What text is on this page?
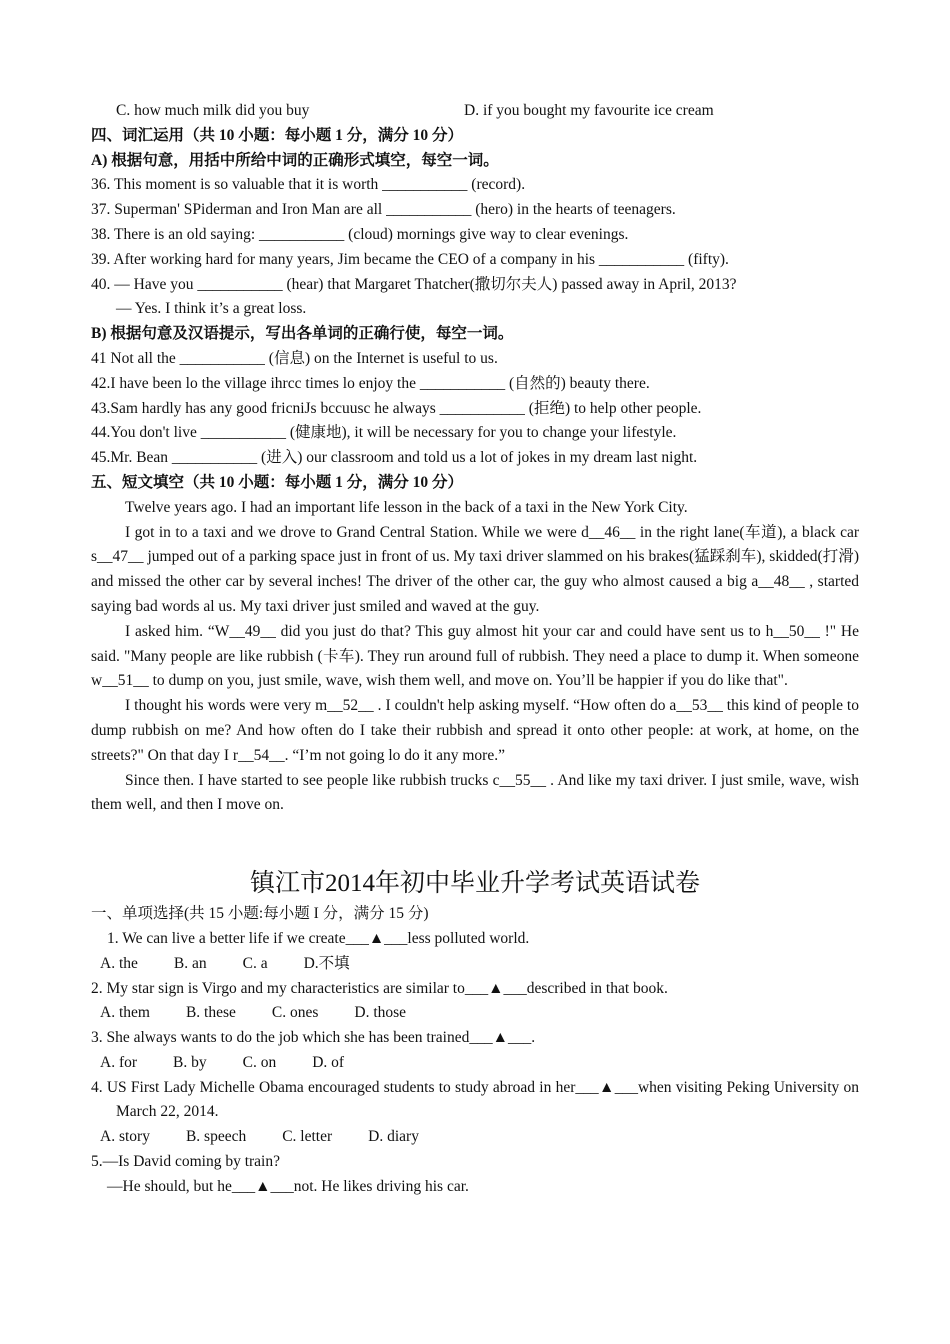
C. how much milk did you buy	D. if you bought my favourite ice cream
四、词汇运用（共 10 小题：每小题 1 分，满分 10 分）
A) 根据句意，用括中所给中词的正确形式填空，每空一词。
36. This moment is so valuable that it is worth ___________ (record).
37. Superman' SPiderman and Iron Man are all ___________ (hero) in the hearts of teenagers.
38. There is an old saying: ___________ (cloud) mornings give way to clear evenings.
39. After working hard for many years, Jim became the CEO of a company in his ___________ (fifty).
40. — Have you ___________ (hear) that Margaret Thatcher(撒切尔夫人) passed away in April, 2013?
— Yes. I think it’s a great loss.
B) 根据句意及汉语提示，写出各单词的正确行使，每空一词。
41 Not all the ___________ (信息) on the Internet is useful to us.
42.I have been lo the village ihrcc times lo enjoy the ___________ (自然的) beauty there.
43.Sam hardly has any good fricniJs bccuusc he always ___________ (拒绝) to help other people.
44.You don't live ___________ (健康地), it will be necessary for you to change your lifestyle.
45.Mr. Bean ___________ (进入) our classroom and told us a lot of jokes in my dream last night.
五、短文填空（共 10 小题：每小题 1 分，满分 10 分）
Twelve years ago. I had an important life lesson in the back of a taxi in the New York City.
I got in to a taxi and we drove to Grand Central Station. While we were d__46__ in the right lane(车道), a black car s__47__ jumped out of a parking space just in front of us. My taxi driver slammed on his brakes(猛踩刹车), skidded(打滑) and missed the other car by several inches! The driver of the other car, the guy who almost caused a big a__48__ , started saying bad words al us. My taxi driver just smiled and waved at the guy.
I asked him. “W__49__ did you just do that? This guy almost hit your car and could have sent us to h__50__ !" He said. "Many people are like rubbish (卡车). They run around full of rubbish. They need a place to dump it. When someone w__51__ to dump on you, just smile, wave, wish them well, and move on. You’ll be happier if you do like that".
I thought his words were very m__52__ . I couldn't help asking myself. “How often do a__53__ this kind of people to dump rubbish on me? And how often do I take their rubbish and spread it onto other people: at work, at home, on the streets?" On that day I r__54__. “I’m not going lo do it any more.”
Since then. I have started to see people like rubbish trucks c__55__ . And like my taxi driver. I just smile, wave, wish them well, and then I move on.
镇江市2014年初中毕业升学考试英语试卷
一、单项选择(共 15 小题:每小题 I 分，满分 15 分)
1. We can live a better life if we create___▲___less polluted world.
A. the B. an C. a D.不填
2. My star sign is Virgo and my characteristics are similar to___▲___described in that book.
A. them B. these C. ones D. those
3. She always wants to do the job which she has been trained___▲___.
A. for B. by C. on D. of
4. US First Lady Michelle Obama encouraged students to study abroad in her___▲___when visiting Peking University on March 22, 2014.
A. story B. speech C. letter D. diary
5.—Is David coming by train?
—He should, but he___▲___not. He likes driving his car.
